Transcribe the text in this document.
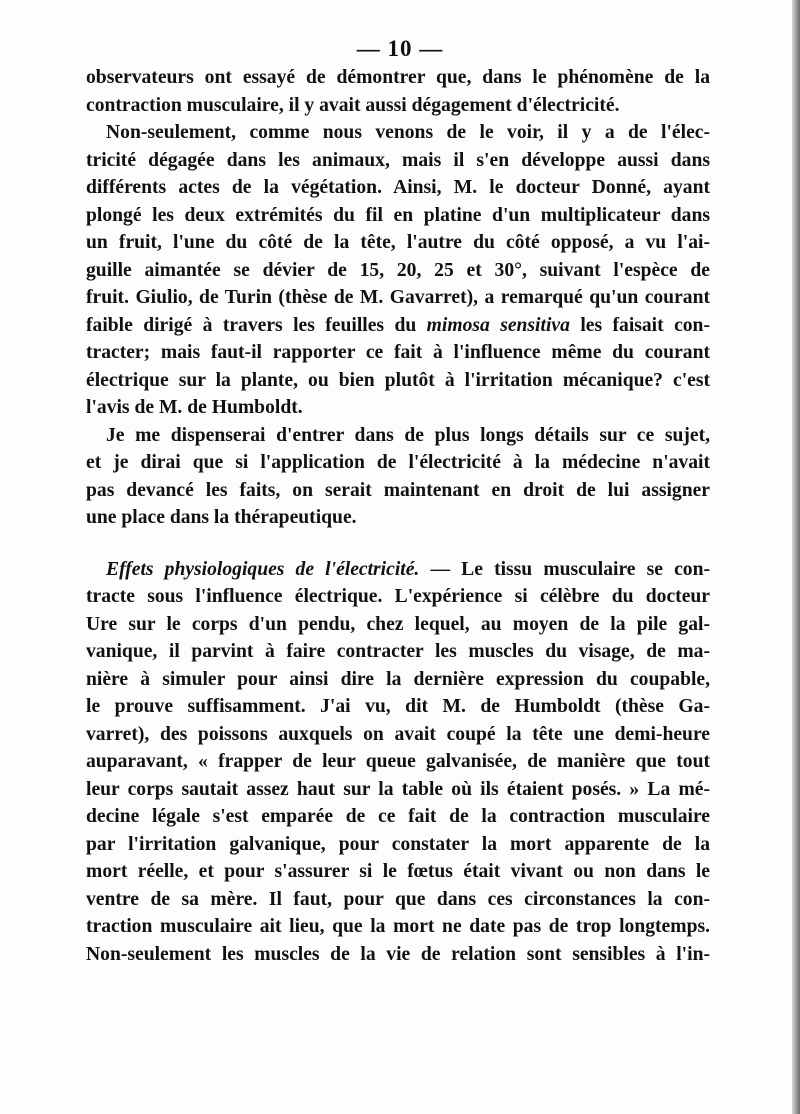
— 10 —
observateurs ont essayé de démontrer que, dans le phénomène de la
contraction musculaire, il y avait aussi dégagement d'électricité.
Non-seulement, comme nous venons de le voir, il y a de l'élec-
tricité dégagée dans les animaux, mais il s'en développe aussi dans
différents actes de la végétation. Ainsi, M. le docteur Donné, ayant
plongé les deux extrémités du fil en platine d'un multiplicateur dans
un fruit, l'une du côté de la tête, l'autre du côté opposé, a vu l'ai-
guille aimantée se dévier de 15, 20, 25 et 30°, suivant l'espèce de
fruit. Giulio, de Turin (thèse de M. Gavarret), a remarqué qu'un courant
faible dirigé à travers les feuilles du mimosa sensitiva les faisait con-
tracter; mais faut-il rapporter ce fait à l'influence même du courant
électrique sur la plante, ou bien plutôt à l'irritation mécanique? c'est
l'avis de M. de Humboldt.
Je me dispenserai d'entrer dans de plus longs détails sur ce sujet,
et je dirai que si l'application de l'électricité à la médecine n'avait
pas devancé les faits, on serait maintenant en droit de lui assigner
une place dans la thérapeutique.
Effets physiologiques de l'électricité. — Le tissu musculaire se con-
tracte sous l'influence électrique. L'expérience si célèbre du docteur
Ure sur le corps d'un pendu, chez lequel, au moyen de la pile gal-
vanique, il parvint à faire contracter les muscles du visage, de ma-
nière à simuler pour ainsi dire la dernière expression du coupable,
le prouve suffisamment. J'ai vu, dit M. de Humboldt (thèse Ga-
varret), des poissons auxquels on avait coupé la tête une demi-heure
auparavant, « frapper de leur queue galvanisée, de manière que tout
leur corps sautait assez haut sur la table où ils étaient posés. » La mé-
decine légale s'est emparée de ce fait de la contraction musculaire
par l'irritation galvanique, pour constater la mort apparente de la
mort réelle, et pour s'assurer si le fœtus était vivant ou non dans le
ventre de sa mère. Il faut, pour que dans ces circonstances la con-
traction musculaire ait lieu, que la mort ne date pas de trop longtemps.
Non-seulement les muscles de la vie de relation sont sensibles à l'in-
